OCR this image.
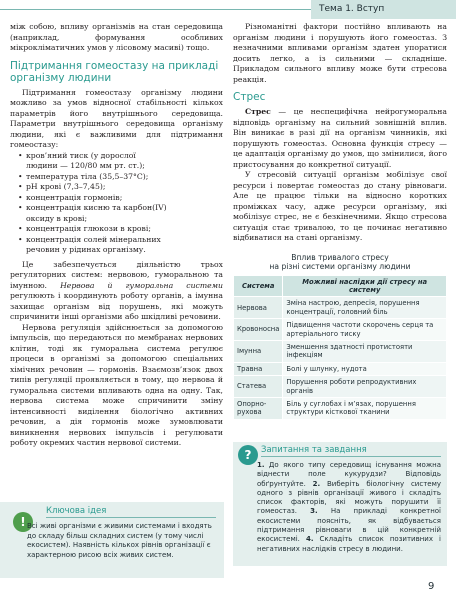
Тема 1. Вступ

між собою, впливу організмів на стан середовища (наприклад, формування особливих мікрокліматичних умов у лісовому масиві) тощо.

Підтримання гомеостазу на прикладі організму людини

Підтримання гомеостазу організму людини можливо за умов відносної стабільності кількох параметрів його внутрішнього середовища. Параметри внутрішнього середовища організму людини, які є важливими для підтримання гомеостазу:

• кров’яний тиск (у дорослої
людини — 120/80 мм рт. ст.);
• температура тіла (35,5–37°С);
• pH крові (7,3–7,45);
• концентрація гормонів;
• концентрація кисню та карбон(IV)
оксиду в крові;
• концентрація глюкози в крові;
• концентрація солей мінеральних
речовин у рідинах організму.

Це забезпечується діяльністю трьох регуляторних систем: нервовою, гуморальною та імунною. Нервова й гуморальна системи регулюють і координують роботу органів, а імунна захищає організм від порушень, які можуть спричинити інші організми або шкідливі речовини.

Нервова регуляція здійснюється за допомогою імпульсів, що передаються по мембранах нервових клітин, тоді як гуморальна система регулює процеси в організмі за допомогою спеціальних хімічних речовин — гормонів. Взаємозв’язок двох типів регуляції проявляється в тому, що нервова й гуморальна системи впливають одна на одну. Так, нервова система може спричинити зміну інтенсивності виділення біологічно активних речовин, а дія гормонів може зумовлювати виникнення нервових імпульсів і регулювати роботу окремих частин нервової системи.

!
Ключова ідея
Всі живі організми є живими системами і входять до складу більш складних систем (у тому числі екосистем). Наявність кількох рівнів організації є характерною рисою всіх живих систем.

Різноманітні фактори постійно впливають на організм людини і порушують його гомеостаз. З незначними впливами організм здатен упоратися досить легко, а із сильними — складніше. Прикладом сильного впливу може бути стресова реакція.

Стрес

Стрес — це неспецифічна нейрогуморальна відповідь організму на сильний зовнішній вплив. Він виникає в разі дії на організм чинників, які порушують гомеостаз. Основна функція стресу — це адаптація організму до умов, що змінилися, його пристосування до конкретної ситуації.

У стресовій ситуації організм мобілізує свої ресурси і повертає гомеостаз до стану рівноваги. Але це працює тільки на відносно коротких проміжках часу, адже ресурси організму, які мобілізує стрес, не є безкінечними. Якщо стресова ситуація стає тривалою, то це починає негативно відбиватися на стані організму.

Вплив тривалого стресу
на різні системи організму людини
Система	Можливі наслідки дії стресу на систему
Нервова	Зміна настрою, депресія, порушення концентрації, головний біль
Кровоносна	Підвищення частоти скорочень серця та артеріального тиску
Імунна	Зменшення здатності протистояти інфекціям
Травна	Болі у шлунку, нудота
Статева	Порушення роботи репродуктивних органів
Опорно-рухова	Біль у суглобах і м’язах, порушення структури кісткової тканини
?	Запитання та завдання
1. До якого типу середовищ існування можна віднести поле кукурудзи? Відповідь обґрунтуйте. 2. Виберіть біологічну систему одного з рівнів організації живого і складіть список факторів, які можуть порушити її гомеостаз. 3. На прикладі конкретної екосистеми поясніть, як відбувається підтримання рівноваги в цій конкретній екосистемі. 4. Складіть список позитивних і негативних наслідків стресу в людини.
9
